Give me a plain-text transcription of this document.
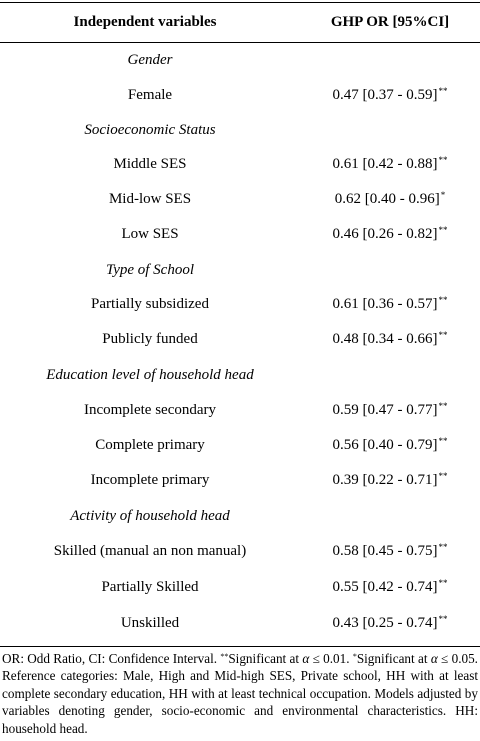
Independent variables	GHP OR [95%CI]
Gender
Female	0.47 [0.37 - 0.59]**
Socioeconomic Status
Middle SES	0.61 [0.42 - 0.88]**
Mid-low SES	0.62 [0.40 - 0.96]*
Low SES	0.46 [0.26 - 0.82]**
Type of School
Partially subsidized	0.61 [0.36 - 0.57]**
Publicly funded	0.48 [0.34 - 0.66]**
Education level of household head
Incomplete secondary	0.59 [0.47 - 0.77]**
Complete primary	0.56 [0.40 - 0.79]**
Incomplete primary	0.39 [0.22 - 0.71]**
Activity of household head
Skilled (manual an non manual)	0.58 [0.45 - 0.75]**
Partially Skilled	0.55 [0.42 - 0.74]**
Unskilled	0.43 [0.25 - 0.74]**
OR: Odd Ratio, CI: Confidence Interval. **Significant at α ≤ 0.01. *Significant at α ≤ 0.05. Reference categories: Male, High and Mid-high SES, Private school, HH with at least complete secondary education, HH with at least technical occupation. Models adjusted by variables denoting gender, socio-economic and environmental characteristics. HH: household head.
